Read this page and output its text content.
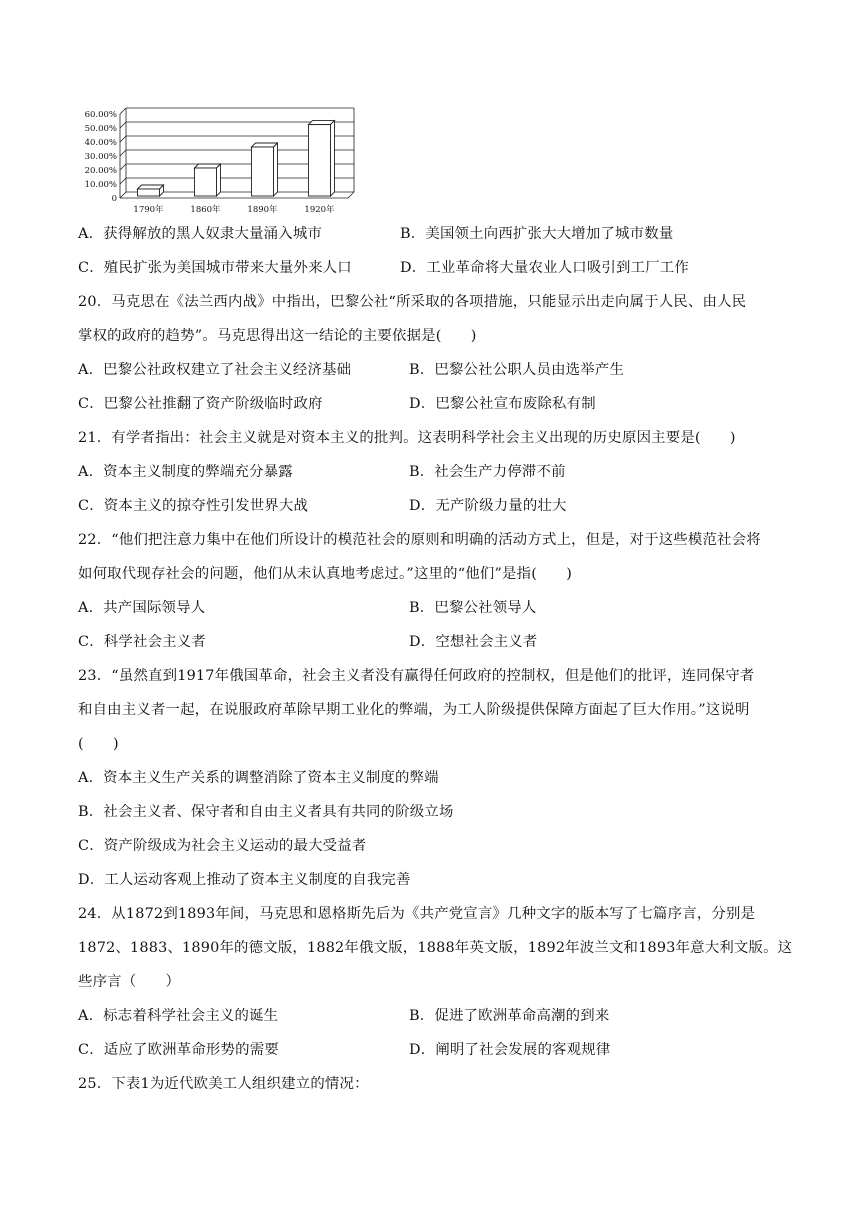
60.00%
50.00%
40.00%
30.00%
20.00%
10.00%
0
1790年	1860年	1890年	1920年
A．获得解放的黑人奴隶大量涌入城市	B．美国领土向西扩张大大增加了城市数量
C．殖民扩张为美国城市带来大量外来人口	D．工业革命将大量农业人口吸引到工厂工作
20．马克思在《法兰西内战》中指出，巴黎公社“所采取的各项措施，只能显示出走向属于人民、由人民
掌权的政府的趋势”。马克思得出这一结论的主要依据是(　　)
A．巴黎公社政权建立了社会主义经济基础	B．巴黎公社公职人员由选举产生
C．巴黎公社推翻了资产阶级临时政府	D．巴黎公社宣布废除私有制
21．有学者指出：社会主义就是对资本主义的批判。这表明科学社会主义出现的历史原因主要是(　　)
A．资本主义制度的弊端充分暴露	B．社会生产力停滞不前
C．资本主义的掠夺性引发世界大战	D．无产阶级力量的壮大
22．“他们把注意力集中在他们所设计的模范社会的原则和明确的活动方式上，但是，对于这些模范社会将
如何取代现存社会的问题，他们从未认真地考虑过。”这里的“他们”是指(　　)
A．共产国际领导人	B．巴黎公社领导人
C．科学社会主义者	D．空想社会主义者
23．“虽然直到1917年俄国革命，社会主义者没有赢得任何政府的控制权，但是他们的批评，连同保守者
和自由主义者一起，在说服政府革除早期工业化的弊端，为工人阶级提供保障方面起了巨大作用。”这说明
(　　)
A．资本主义生产关系的调整消除了资本主义制度的弊端
B．社会主义者、保守者和自由主义者具有共同的阶级立场
C．资产阶级成为社会主义运动的最大受益者
D．工人运动客观上推动了资本主义制度的自我完善
24．从1872到1893年间，马克思和恩格斯先后为《共产党宣言》几种文字的版本写了七篇序言，分别是
1872、1883、1890年的德文版，1882年俄文版，1888年英文版，1892年波兰文和1893年意大利文版。这
些序言（　　）
A．标志着科学社会主义的诞生	B．促进了欧洲革命高潮的到来
C．适应了欧洲革命形势的需要	D．阐明了社会发展的客观规律
25．下表1为近代欧美工人组织建立的情况：
